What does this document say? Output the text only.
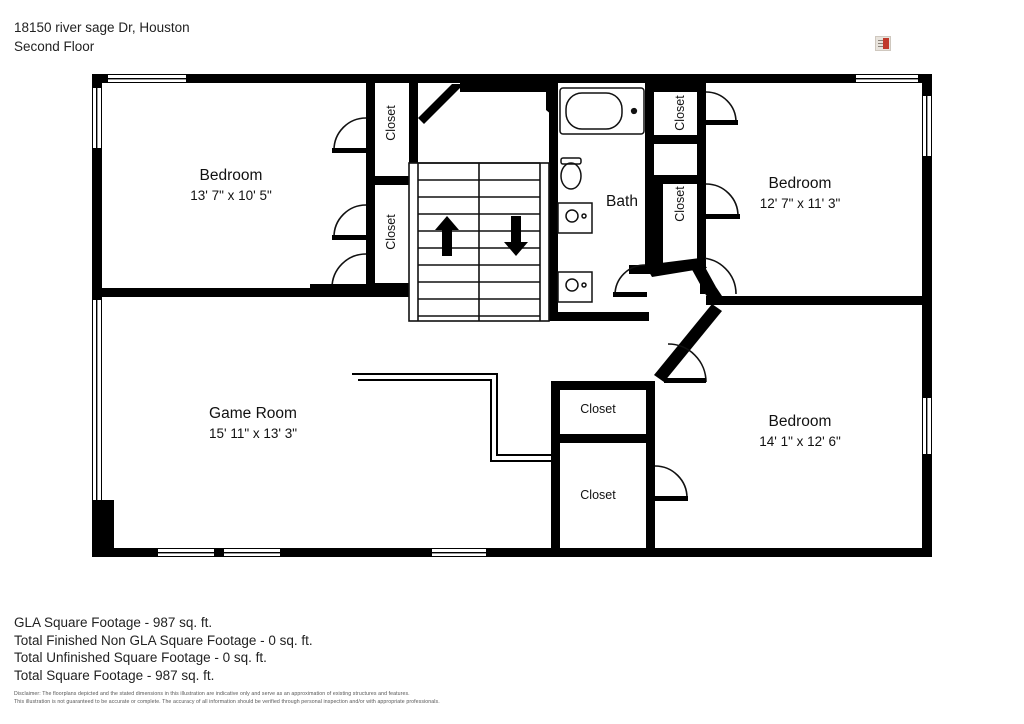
18150 river sage Dr, Houston
Second Floor
Bedroom
13' 7" x 10' 5"
Bedroom
12' 7" x 11' 3"
Bedroom
14' 1" x 12' 6"
Game Room
15' 11" x 13' 3"
Bath
Closet
Closet
Closet
Closet
Closet
Closet
GLA Square Footage - 987 sq. ft.
Total Finished Non GLA Square Footage - 0 sq. ft.
Total Unfinished Square Footage - 0 sq. ft.
Total Square Footage - 987 sq. ft.
Disclaimer: The floorplans depicted and the stated dimensions in this illustration are indicative only and serve as an approximation of existing structures and features.
This illustration is not guaranteed to be accurate or complete. The accuracy of all information should be verified through personal inspection and/or with appropriate professionals.
